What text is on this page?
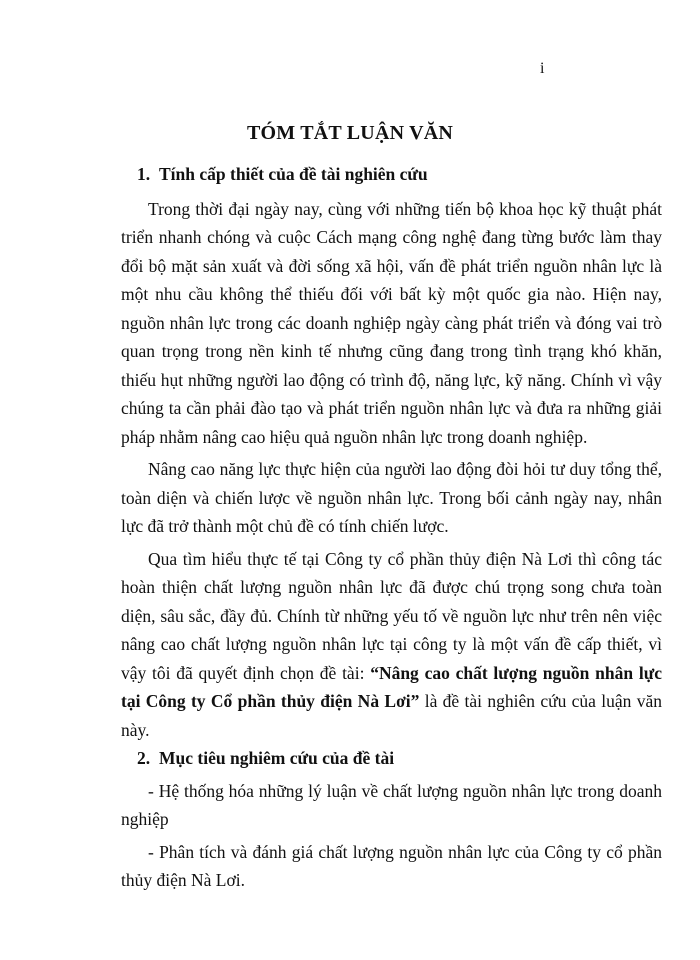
i
TÓM TẮT LUẬN VĂN

1. Tính cấp thiết của đề tài nghiên cứu

Trong thời đại ngày nay, cùng với những tiến bộ khoa học kỹ thuật phát triển nhanh chóng và cuộc Cách mạng công nghệ đang từng bước làm thay đổi bộ mặt sản xuất và đời sống xã hội, vấn đề phát triển nguồn nhân lực là một nhu cầu không thể thiếu đối với bất kỳ một quốc gia nào. Hiện nay, nguồn nhân lực trong các doanh nghiệp ngày càng phát triển và đóng vai trò quan trọng trong nền kinh tế nhưng cũng đang trong tình trạng khó khăn, thiếu hụt những người lao động có trình độ, năng lực, kỹ năng. Chính vì vậy chúng ta cần phải đào tạo và phát triển nguồn nhân lực và đưa ra những giải pháp nhằm nâng cao hiệu quả nguồn nhân lực trong doanh nghiệp.

Nâng cao năng lực thực hiện của người lao động đòi hỏi tư duy tổng thể, toàn diện và chiến lược về nguồn nhân lực. Trong bối cảnh ngày nay, nhân lực đã trở thành một chủ đề có tính chiến lược.

Qua tìm hiểu thực tế tại Công ty cổ phần thủy điện Nà Lơi thì công tác hoàn thiện chất lượng nguồn nhân lực đã được chú trọng song chưa toàn diện, sâu sắc, đầy đủ. Chính từ những yếu tố về nguồn lực như trên nên việc nâng cao chất lượng nguồn nhân lực tại công ty là một vấn đề cấp thiết, vì vậy tôi đã quyết định chọn đề tài: “Nâng cao chất lượng nguồn nhân lực tại Công ty Cổ phần thủy điện Nà Lơi” là đề tài nghiên cứu của luận văn này.

2. Mục tiêu nghiêm cứu của đề tài

- Hệ thống hóa những lý luận về chất lượng nguồn nhân lực trong doanh nghiệp

- Phân tích và đánh giá chất lượng nguồn nhân lực của Công ty cổ phần thủy điện Nà Lơi.
